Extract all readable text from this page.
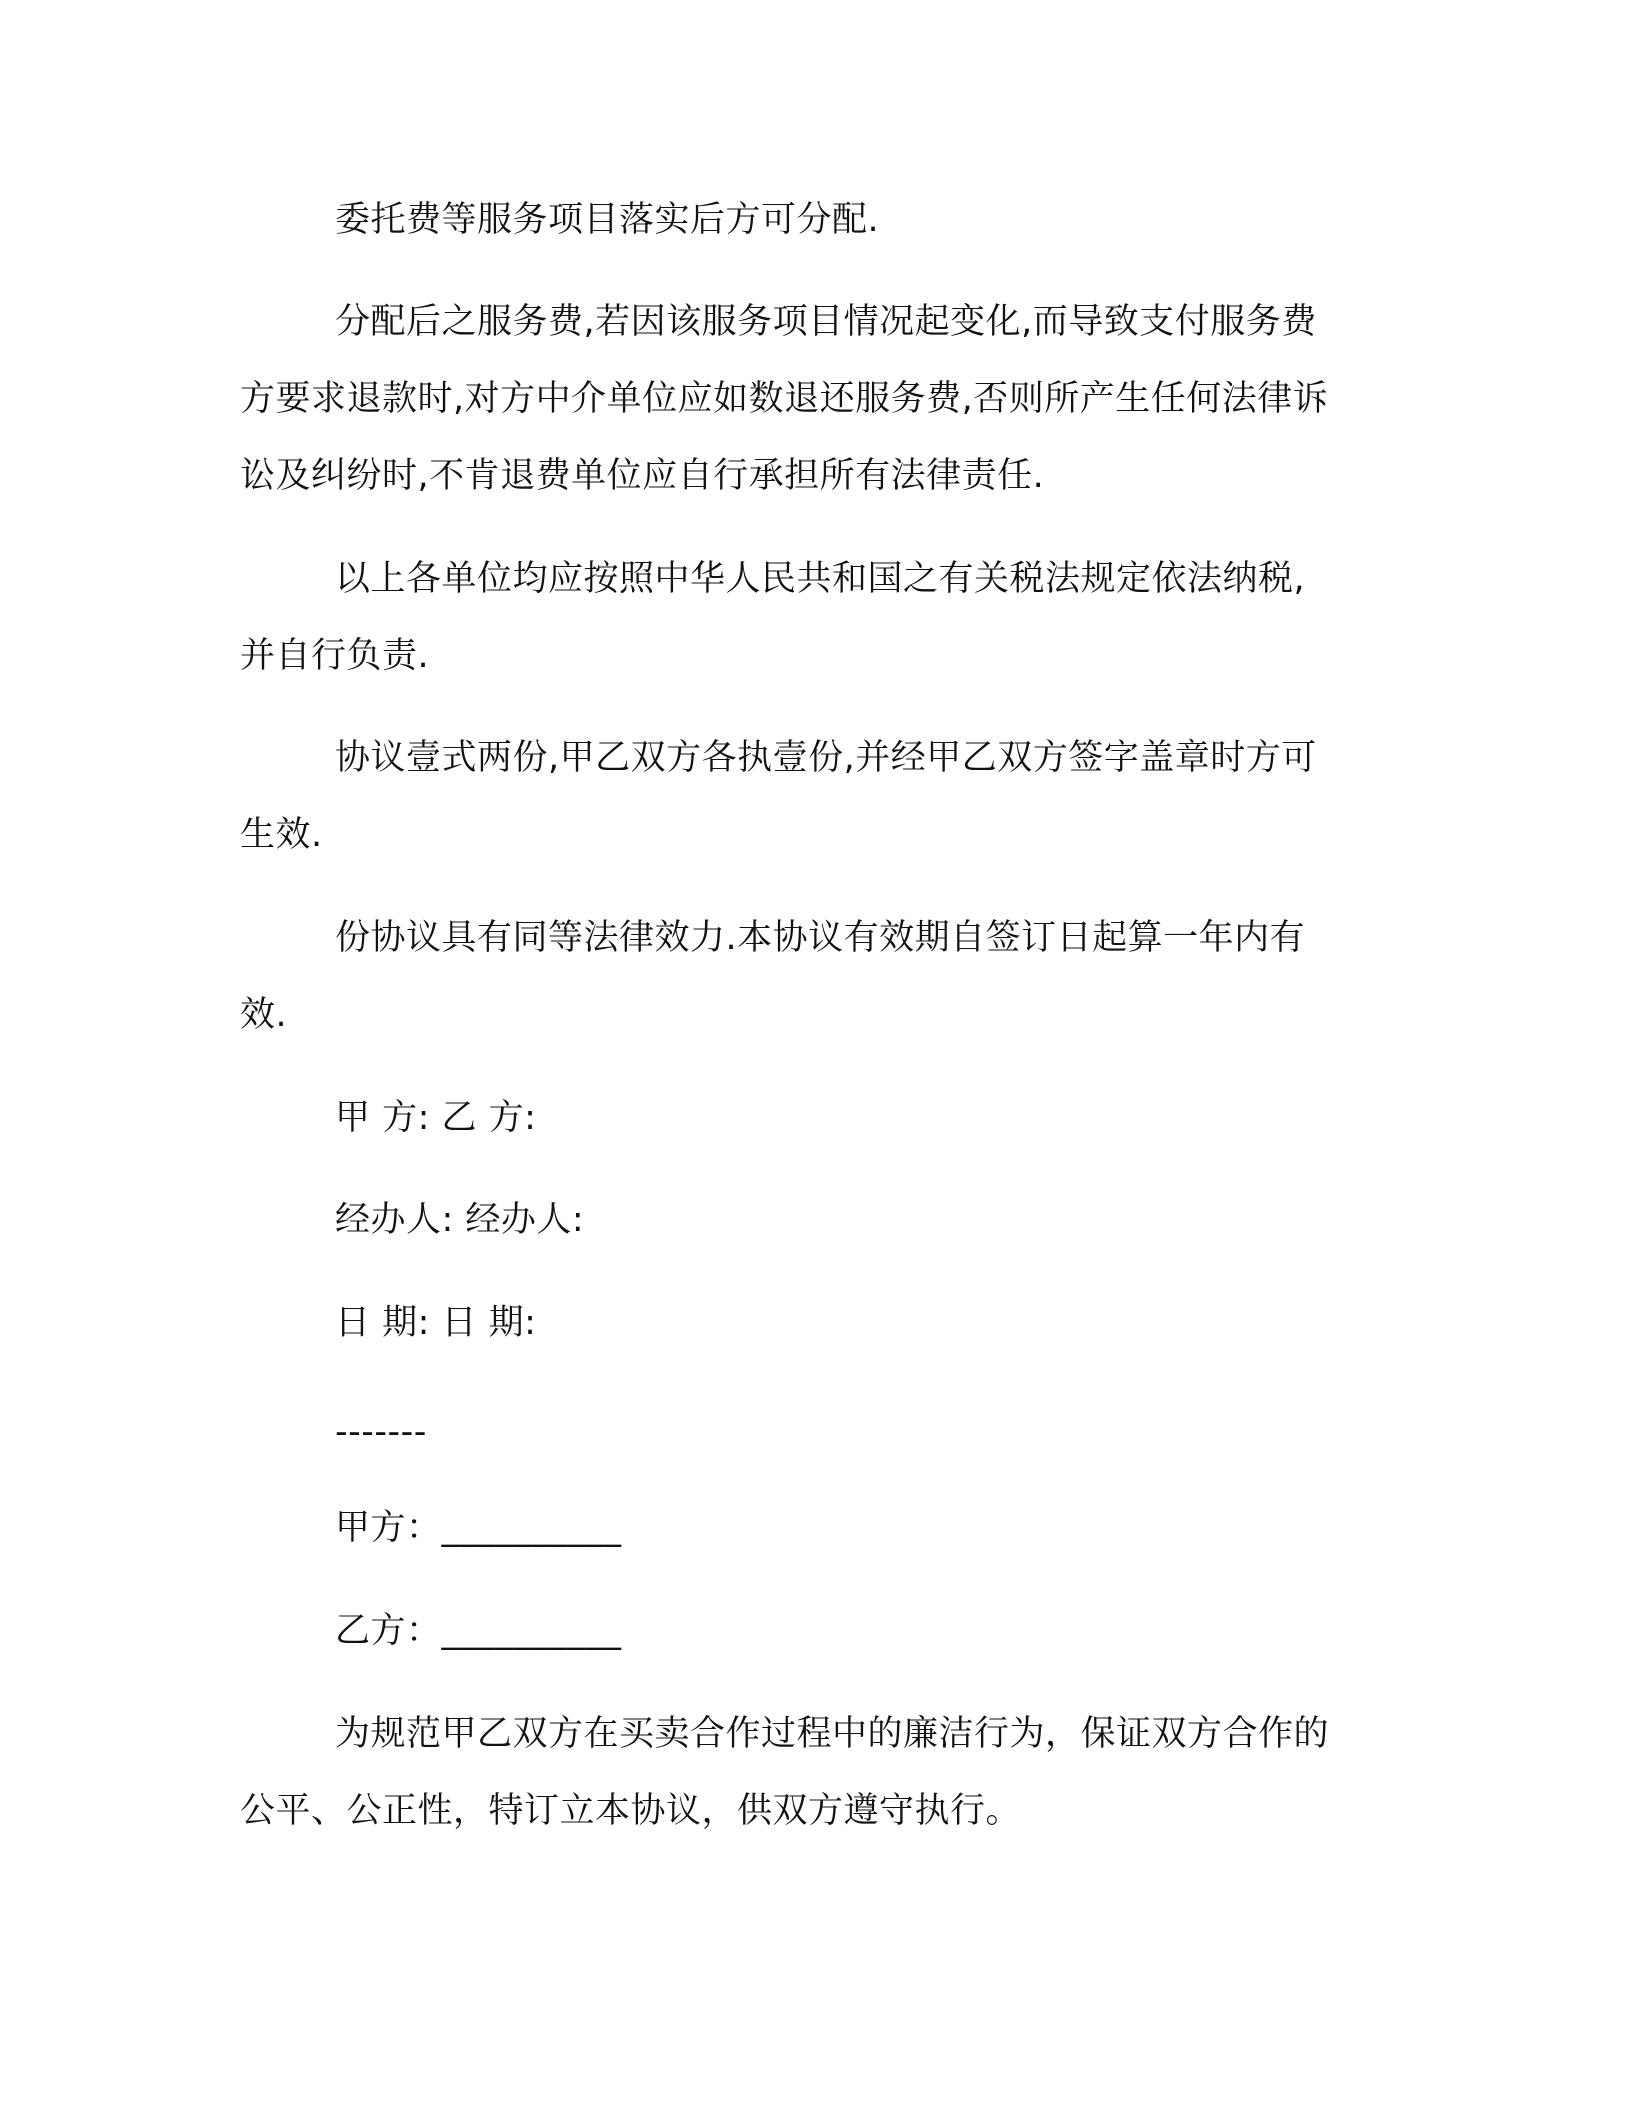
委托费等服务项目落实后方可分配.
分配后之服务费,若因该服务项目情况起变化,而导致支付服务费
方要求退款时,对方中介单位应如数退还服务费,否则所产生任何法律诉
讼及纠纷时,不肯退费单位应自行承担所有法律责任.
以上各单位均应按照中华人民共和国之有关税法规定依法纳税,
并自行负责.
协议壹式两份,甲乙双方各执壹份,并经甲乙双方签字盖章时方可
生效.
份协议具有同等法律效力.本协议有效期自签订日起算一年内有
效.
甲 方: 乙 方:
经办人: 经办人:
日 期: 日 期:
-------
甲方：__________
乙方：__________
为规范甲乙双方在买卖合作过程中的廉洁行为，保证双方合作的
公平、公正性，特订立本协议，供双方遵守执行。
